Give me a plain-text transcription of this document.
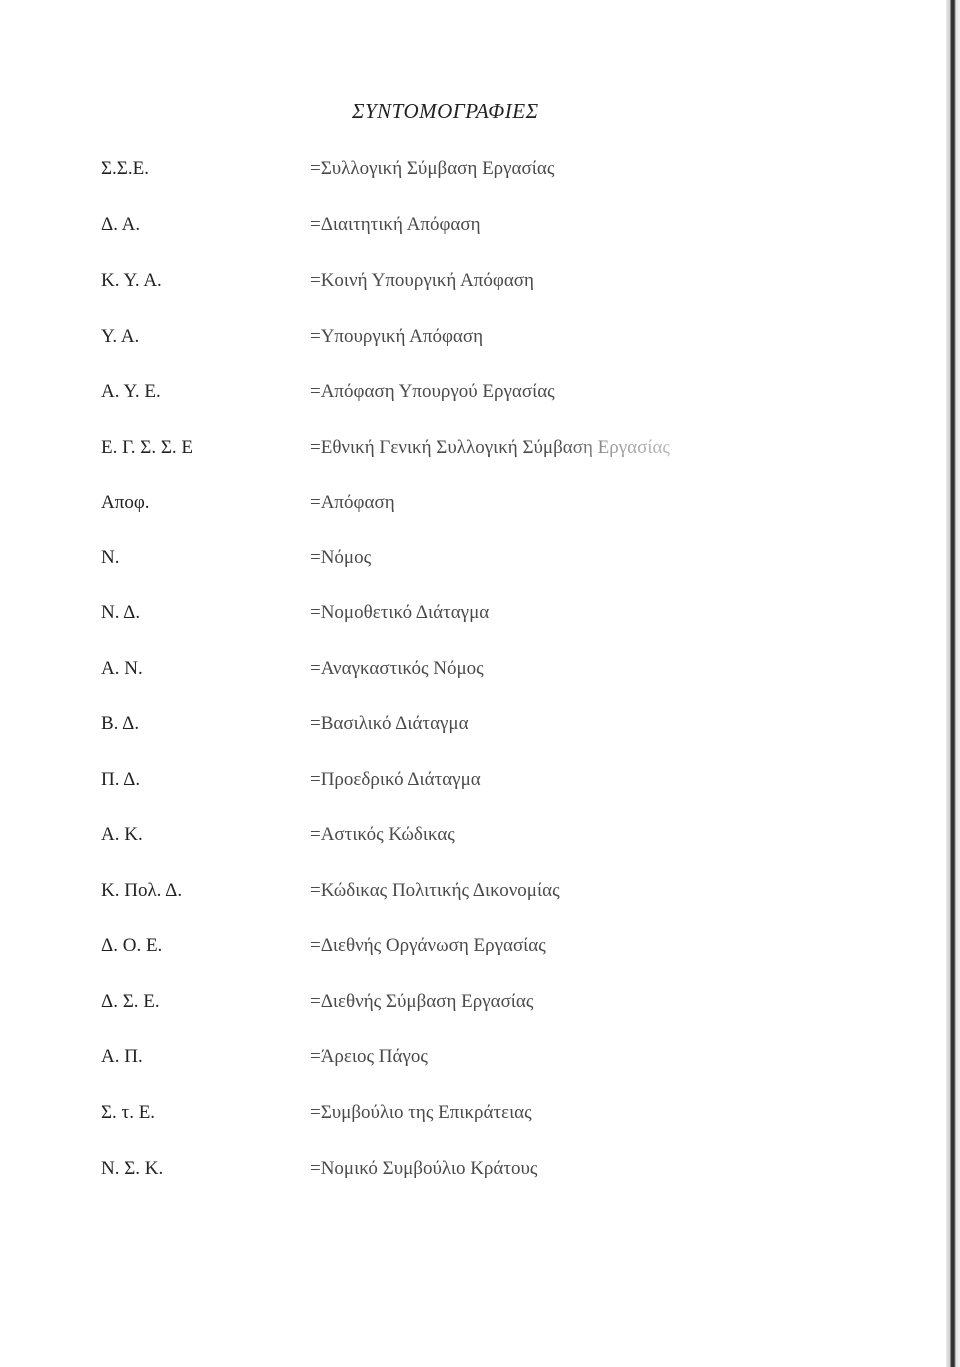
ΣΥΝΤΟΜΟΓΡΑΦΙΕΣ
Σ.Σ.Ε.	=Συλλογική Σύμβαση Εργασίας
Δ. Α.	=Διαιτητική Απόφαση
Κ. Υ. Α.	=Κοινή Υπουργική Απόφαση
Υ. Α.	=Υπουργική Απόφαση
Α. Υ. Ε.	=Απόφαση Υπουργού Εργασίας
Ε. Γ. Σ. Σ. Ε	=Εθνική Γενική Συλλογική Σύμβαση Εργασίας
Αποφ.	=Απόφαση
Ν.	=Νόμος
Ν. Δ.	=Νομοθετικό Διάταγμα
Α. Ν.	=Αναγκαστικός Νόμος
Β. Δ.	=Βασιλικό Διάταγμα
Π. Δ.	=Προεδρικό Διάταγμα
Α. Κ.	=Αστικός Κώδικας
Κ. Πολ. Δ.	=Κώδικας Πολιτικής Δικονομίας
Δ. Ο. Ε.	=Διεθνής Οργάνωση Εργασίας
Δ. Σ. Ε.	=Διεθνής Σύμβαση Εργασίας
Α. Π.	=Άρειος Πάγος
Σ. τ. Ε.	=Συμβούλιο της Επικράτειας
Ν. Σ. Κ.	=Νομικό Συμβούλιο Κράτους
